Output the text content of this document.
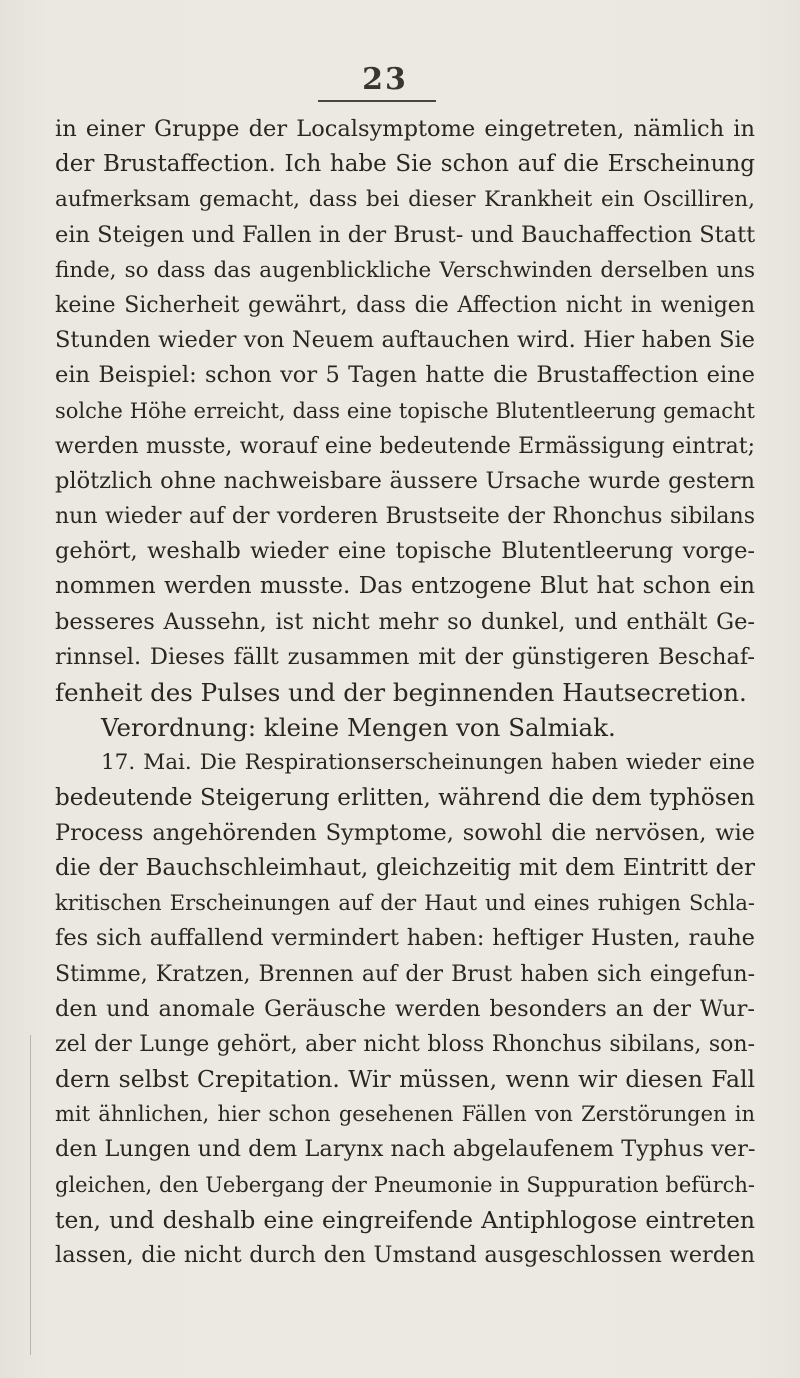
23
in einer Gruppe der Localsymptome eingetreten, nämlich in
der Brustaffection. Ich habe Sie schon auf die Erscheinung
aufmerksam gemacht, dass bei dieser Krankheit ein Oscilliren,
ein Steigen und Fallen in der Brust- und Bauchaffection Statt
finde, so dass das augenblickliche Verschwinden derselben uns
keine Sicherheit gewährt, dass die Affection nicht in wenigen
Stunden wieder von Neuem auftauchen wird. Hier haben Sie
ein Beispiel: schon vor 5 Tagen hatte die Brustaffection eine
solche Höhe erreicht, dass eine topische Blutentleerung gemacht
werden musste, worauf eine bedeutende Ermässigung eintrat;
plötzlich ohne nachweisbare äussere Ursache wurde gestern
nun wieder auf der vorderen Brustseite der Rhonchus sibilans
gehört, weshalb wieder eine topische Blutentleerung vorge-
nommen werden musste. Das entzogene Blut hat schon ein
besseres Aussehn, ist nicht mehr so dunkel, und enthält Ge-
rinnsel. Dieses fällt zusammen mit der günstigeren Beschaf-
fenheit des Pulses und der beginnenden Hautsecretion.
Verordnung: kleine Mengen von Salmiak.
17. Mai. Die Respirationserscheinungen haben wieder eine
bedeutende Steigerung erlitten, während die dem typhösen
Process angehörenden Symptome, sowohl die nervösen, wie
die der Bauchschleimhaut, gleichzeitig mit dem Eintritt der
kritischen Erscheinungen auf der Haut und eines ruhigen Schla-
fes sich auffallend vermindert haben: heftiger Husten, rauhe
Stimme, Kratzen, Brennen auf der Brust haben sich eingefun-
den und anomale Geräusche werden besonders an der Wur-
zel der Lunge gehört, aber nicht bloss Rhonchus sibilans, son-
dern selbst Crepitation. Wir müssen, wenn wir diesen Fall
mit ähnlichen, hier schon gesehenen Fällen von Zerstörungen in
den Lungen und dem Larynx nach abgelaufenem Typhus ver-
gleichen, den Uebergang der Pneumonie in Suppuration befürch-
ten, und deshalb eine eingreifende Antiphlogose eintreten
lassen, die nicht durch den Umstand ausgeschlossen werden
